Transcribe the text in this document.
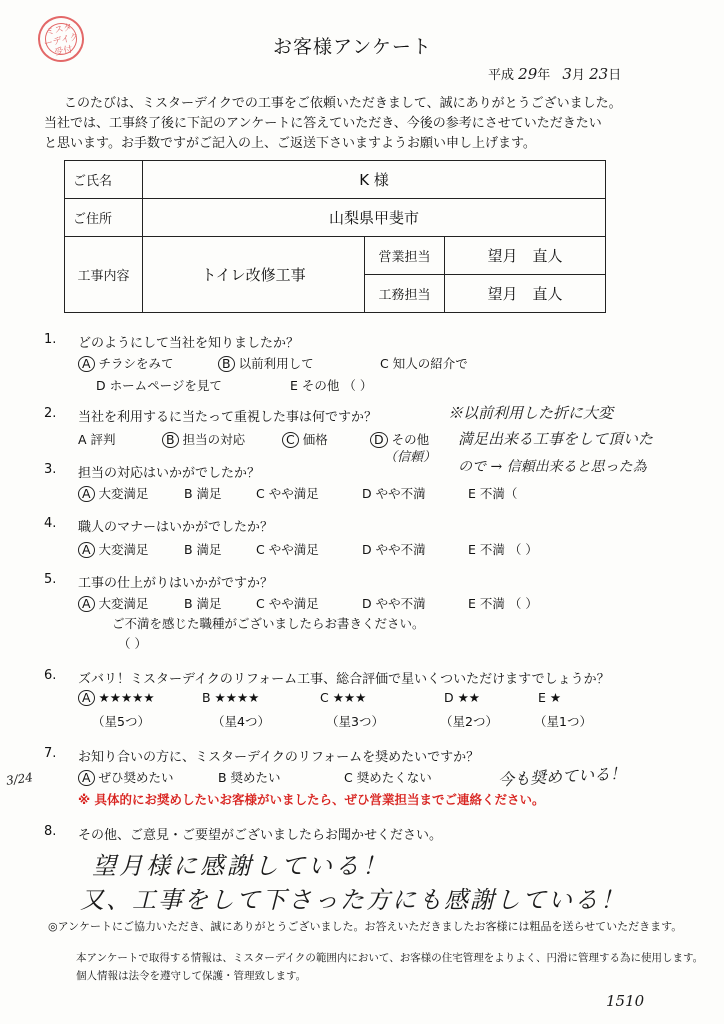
ミスタ
ーデイク
受付	お客様アンケート
平成 29年 3月 23日
このたびは、ミスターデイクでの工事をご依頼いただきまして、誠にありがとうございました。
当社では、工事終了後に下記のアンケートに答えていただき、今後の参考にさせていただきたい
と思います。お手数ですがご記入の上、ご返送下さいますようお願い申し上げます。
ご氏名	K 様		
ご住所	山梨県甲斐市		
工事内容	トイレ改修工事	営業担当	望月　直人
		工務担当	望月　直人
1. どのようにして当社を知りましたか？
A チラシをみて	B 以前利用して	C 知人の紹介で
D ホームページを見て	E その他 （ ）
2. 当社を利用するに当たって重視した事は何ですか？
A 評判	B 担当の対応	C 価格	D その他
（信頼）
※以前利用した折に大変
満足出来る工事をして頂いた
ので → 信頼出来ると思った為
3. 担当の対応はいかがでしたか？
A 大変満足	B 満足	C やや満足	D やや不満	E 不満（
4. 職人のマナーはいかがでしたか？
A 大変満足	B 満足	C やや満足	D やや不満	E 不満 （ ）
5. 工事の仕上がりはいかがですか？
A 大変満足	B 満足	C やや満足	D やや不満	E 不満 （ ）
ご不満を感じた職種がございましたらお書きください。
（ ）
6. ズバリ！ミスターデイクのリフォーム工事、総合評価で星いくついただけますでしょうか？
A ★★★★★	B ★★★★	C ★★★	D ★★	E ★
（星5つ）	（星4つ）	（星3つ）	（星2つ）	（星1つ）
7. お知り合いの方に、ミスターデイクのリフォームを奨めたいですか？
3/24	A ぜひ奨めたい	B 奨めたい	C 奨めたくない	今も奨めている！
※ 具体的にお奨めしたいお客様がいましたら、ぜひ営業担当までご連絡ください。
8. その他、ご意見・ご要望がございましたらお聞かせください。
望月様に感謝している！
又、工事をして下さった方にも感謝している！
◎アンケートにご協力いただき、誠にありがとうございました。お答えいただきましたお客様には粗品を送らせていただきます。
本アンケートで取得する情報は、ミスターデイクの範囲内において、お客様の住宅管理をよりよく、円滑に管理する為に使用します。
個人情報は法令を遵守して保護・管理致します。
1510
